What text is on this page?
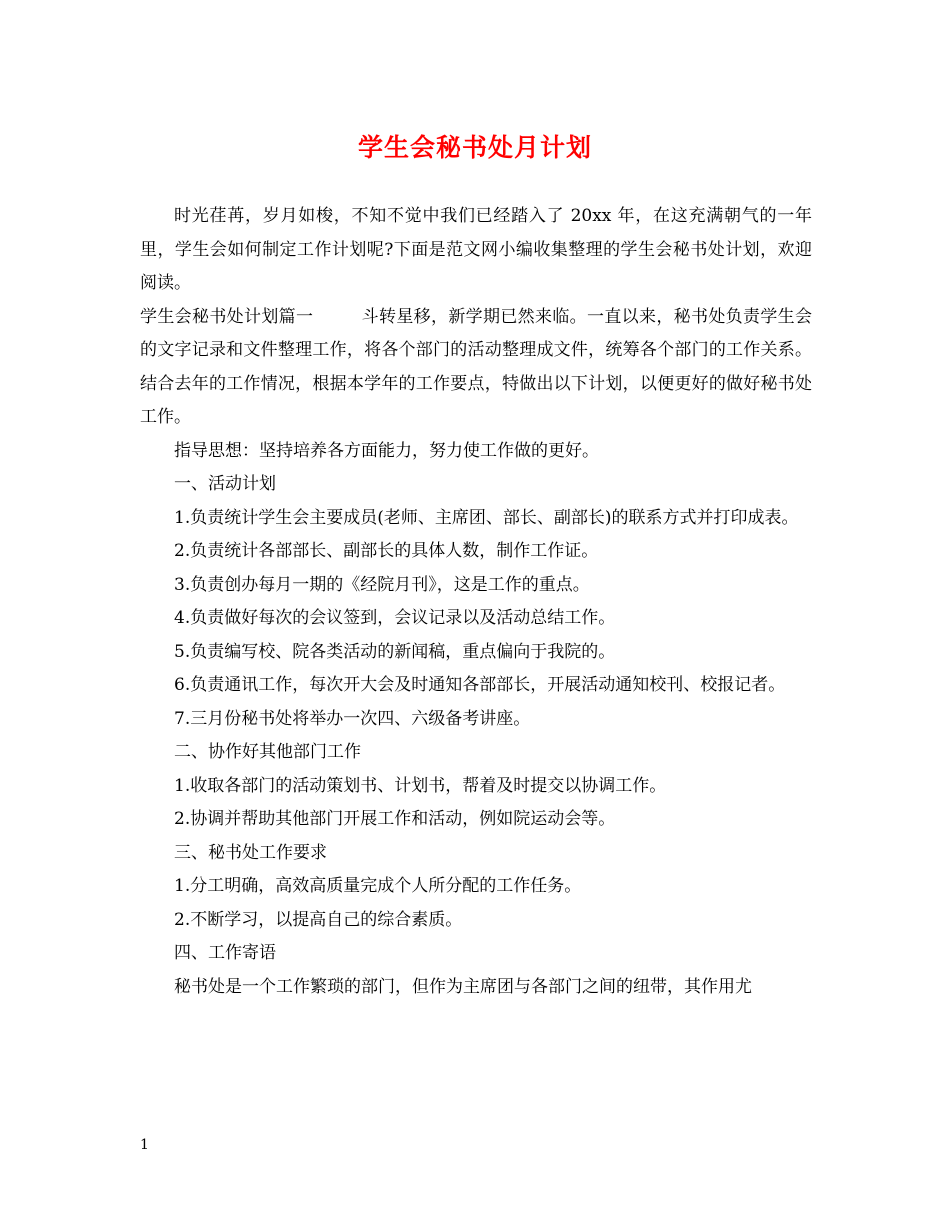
学生会秘书处月计划

时光荏苒，岁月如梭，不知不觉中我们已经踏入了 20xx 年，在这充满朝气的一年里，学生会如何制定工作计划呢?下面是范文网小编收集整理的学生会秘书处计划，欢迎阅读。

学生会秘书处计划篇一	斗转星移，新学期已然来临。一直以来，秘书处负责学生会的文字记录和文件整理工作，将各个部门的活动整理成文件，统筹各个部门的工作关系。结合去年的工作情况，根据本学年的工作要点，特做出以下计划，以便更好的做好秘书处工作。

指导思想：坚持培养各方面能力，努力使工作做的更好。

一、活动计划

1.负责统计学生会主要成员(老师、主席团、部长、副部长)的联系方式并打印成表。

2.负责统计各部部长、副部长的具体人数，制作工作证。

3.负责创办每月一期的《经院月刊》，这是工作的重点。

4.负责做好每次的会议签到，会议记录以及活动总结工作。

5.负责编写校、院各类活动的新闻稿，重点偏向于我院的。

6.负责通讯工作，每次开大会及时通知各部部长，开展活动通知校刊、校报记者。

7.三月份秘书处将举办一次四、六级备考讲座。

二、协作好其他部门工作

1.收取各部门的活动策划书、计划书，帮着及时提交以协调工作。

2.协调并帮助其他部门开展工作和活动，例如院运动会等。

三、秘书处工作要求

1.分工明确，高效高质量完成个人所分配的工作任务。

2.不断学习，以提高自己的综合素质。

四、工作寄语

秘书处是一个工作繁琐的部门，但作为主席团与各部门之间的纽带，其作用尤

1
